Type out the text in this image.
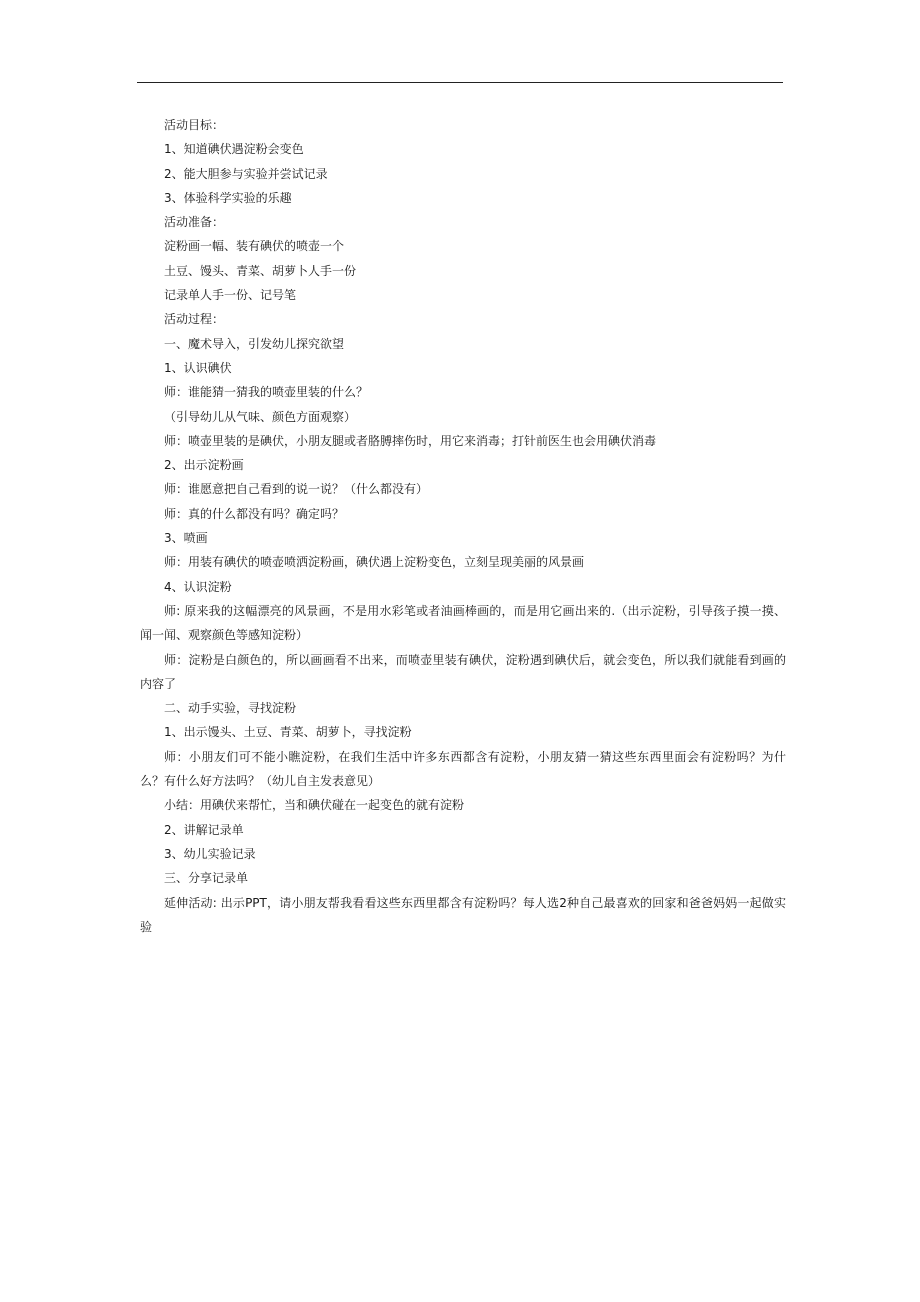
活动目标：

1、知道碘伏遇淀粉会变色

2、能大胆参与实验并尝试记录

3、体验科学实验的乐趣

活动准备：

淀粉画一幅、装有碘伏的喷壶一个

土豆、馒头、青菜、胡萝卜人手一份

记录单人手一份、记号笔

活动过程：

一、魔术导入，引发幼儿探究欲望

1、认识碘伏

师：谁能猜一猜我的喷壶里装的什么？

（引导幼儿从气味、颜色方面观察）

师：喷壶里装的是碘伏，小朋友腿或者胳膊摔伤时，用它来消毒；打针前医生也会用碘伏消毒

2、出示淀粉画

师：谁愿意把自己看到的说一说？（什么都没有）

师：真的什么都没有吗？确定吗？

3、喷画

师：用装有碘伏的喷壶喷洒淀粉画，碘伏遇上淀粉变色，立刻呈现美丽的风景画

4、认识淀粉

师: 原来我的这幅漂亮的风景画，不是用水彩笔或者油画棒画的，而是用它画出来的.（出示淀粉，引导孩子摸一摸、闻一闻、观察颜色等感知淀粉）

师：淀粉是白颜色的，所以画画看不出来，而喷壶里装有碘伏，淀粉遇到碘伏后，就会变色，所以我们就能看到画的内容了

二、动手实验，寻找淀粉

1、出示馒头、土豆、青菜、胡萝卜，寻找淀粉

师：小朋友们可不能小瞧淀粉，在我们生活中许多东西都含有淀粉，小朋友猜一猜这些东西里面会有淀粉吗？为什么？有什么好方法吗？（幼儿自主发表意见）

小结：用碘伏来帮忙，当和碘伏碰在一起变色的就有淀粉

2、讲解记录单

3、幼儿实验记录

三、分享记录单

延伸活动: 出示PPT，请小朋友帮我看看这些东西里都含有淀粉吗？每人选2种自己最喜欢的回家和爸爸妈妈一起做实验
